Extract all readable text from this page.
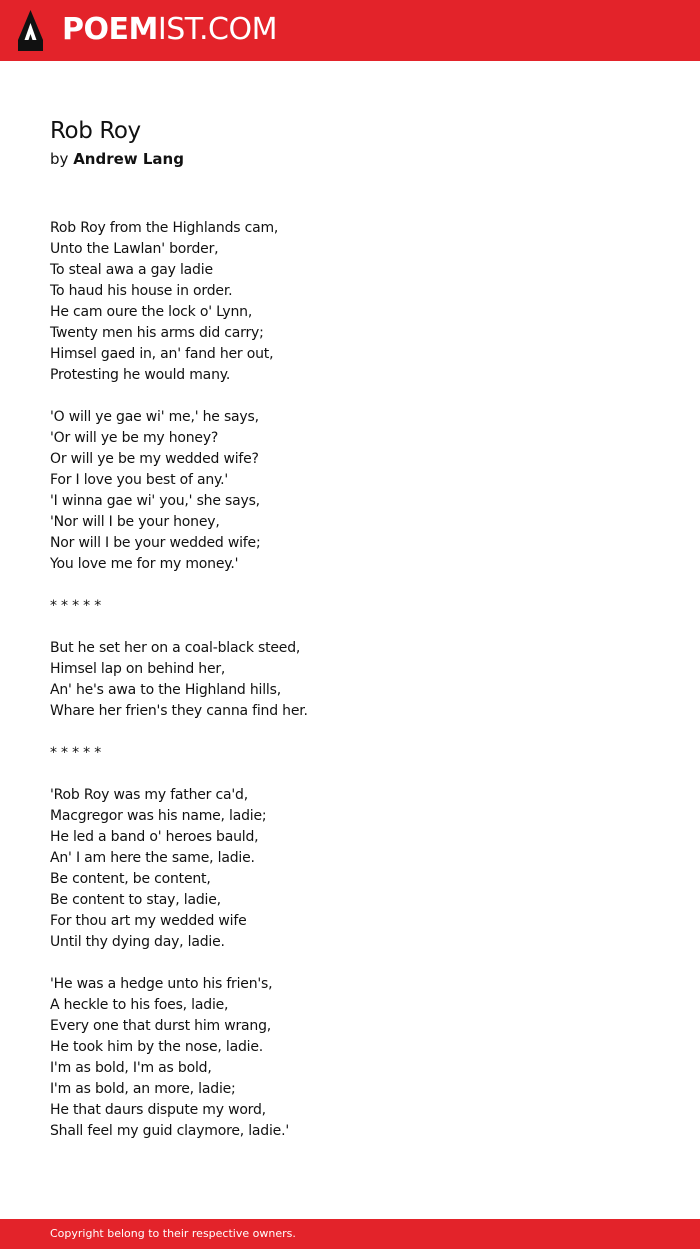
POEMIST.COM
Rob Roy
by Andrew Lang
Rob Roy from the Highlands cam,
Unto the Lawlan' border,
To steal awa a gay ladie
To haud his house in order.
He cam oure the lock o' Lynn,
Twenty men his arms did carry;
Himsel gaed in, an' fand her out,
Protesting he would many.
'O will ye gae wi' me,' he says,
'Or will ye be my honey?
Or will ye be my wedded wife?
For I love you best of any.'
'I winna gae wi' you,' she says,
'Nor will I be your honey,
Nor will I be your wedded wife;
You love me for my money.'
* * * * *
But he set her on a coal-black steed,
Himsel lap on behind her,
An' he's awa to the Highland hills,
Whare her frien's they canna find her.
* * * * *
'Rob Roy was my father ca'd,
Macgregor was his name, ladie;
He led a band o' heroes bauld,
An' I am here the same, ladie.
Be content, be content,
Be content to stay, ladie,
For thou art my wedded wife
Until thy dying day, ladie.
'He was a hedge unto his frien's,
A heckle to his foes, ladie,
Every one that durst him wrang,
He took him by the nose, ladie.
I'm as bold, I'm as bold,
I'm as bold, an more, ladie;
He that daurs dispute my word,
Shall feel my guid claymore, ladie.'
Copyright belong to their respective owners.
